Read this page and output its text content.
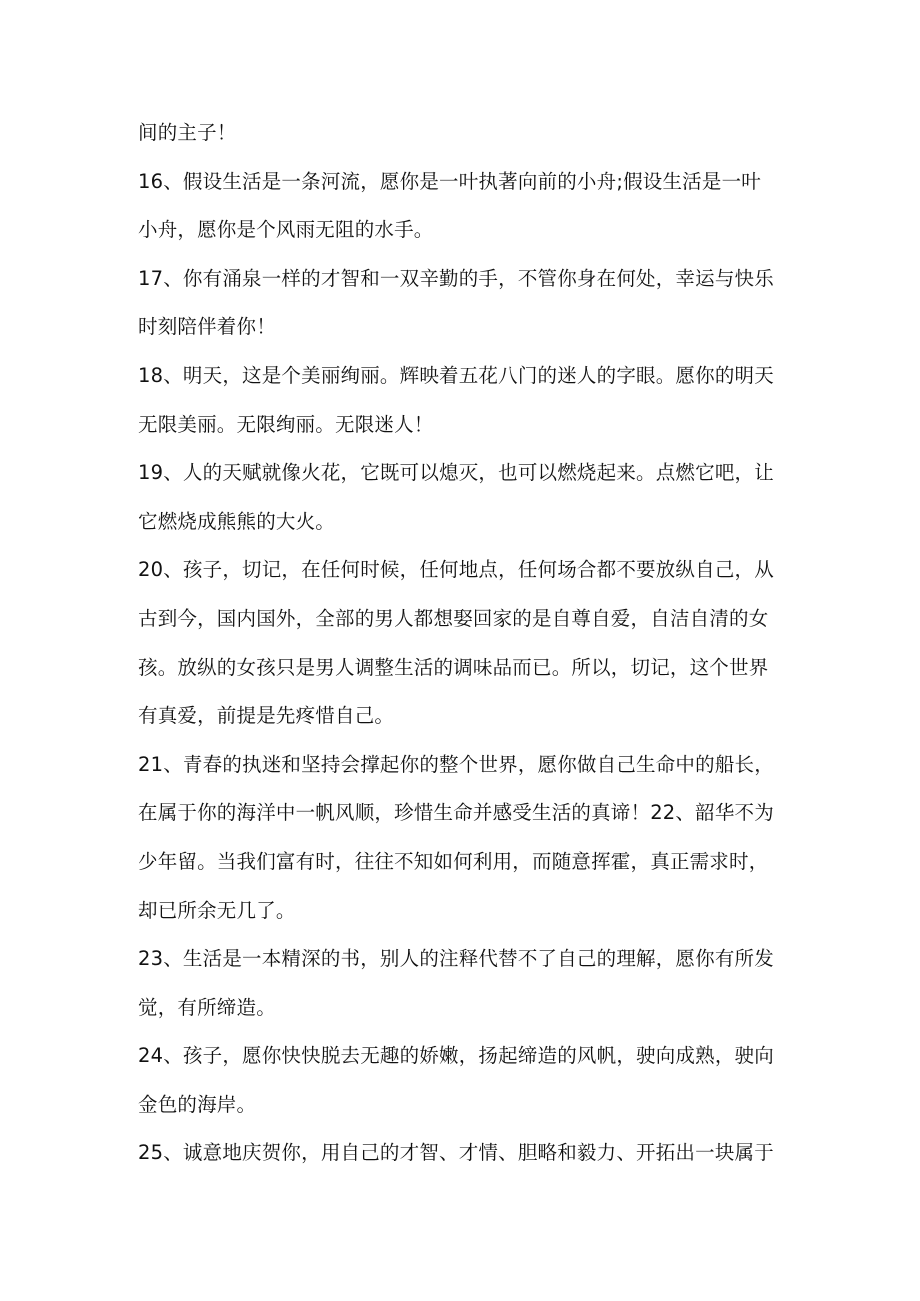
间的主子！
16、假设生活是一条河流，愿你是一叶执著向前的小舟;假设生活是一叶
小舟，愿你是个风雨无阻的水手。
17、你有涌泉一样的才智和一双辛勤的手，不管你身在何处，幸运与快乐
时刻陪伴着你！
18、明天，这是个美丽绚丽。辉映着五花八门的迷人的字眼。愿你的明天
无限美丽。无限绚丽。无限迷人！
19、人的天赋就像火花，它既可以熄灭，也可以燃烧起来。点燃它吧，让
它燃烧成熊熊的大火。
20、孩子，切记，在任何时候，任何地点，任何场合都不要放纵自己，从
古到今，国内国外，全部的男人都想娶回家的是自尊自爱，自洁自清的女
孩。放纵的女孩只是男人调整生活的调味品而已。所以，切记，这个世界
有真爱，前提是先疼惜自己。
21、青春的执迷和坚持会撑起你的整个世界，愿你做自己生命中的船长，
在属于你的海洋中一帆风顺，珍惜生命并感受生活的真谛！22、韶华不为
少年留。当我们富有时，往往不知如何利用，而随意挥霍，真正需求时，
却已所余无几了。
23、生活是一本精深的书，别人的注释代替不了自己的理解，愿你有所发
觉，有所缔造。
24、孩子，愿你快快脱去无趣的娇嫩，扬起缔造的风帆，驶向成熟，驶向
金色的海岸。
25、诚意地庆贺你，用自己的才智、才情、胆略和毅力、开拓出一块属于
